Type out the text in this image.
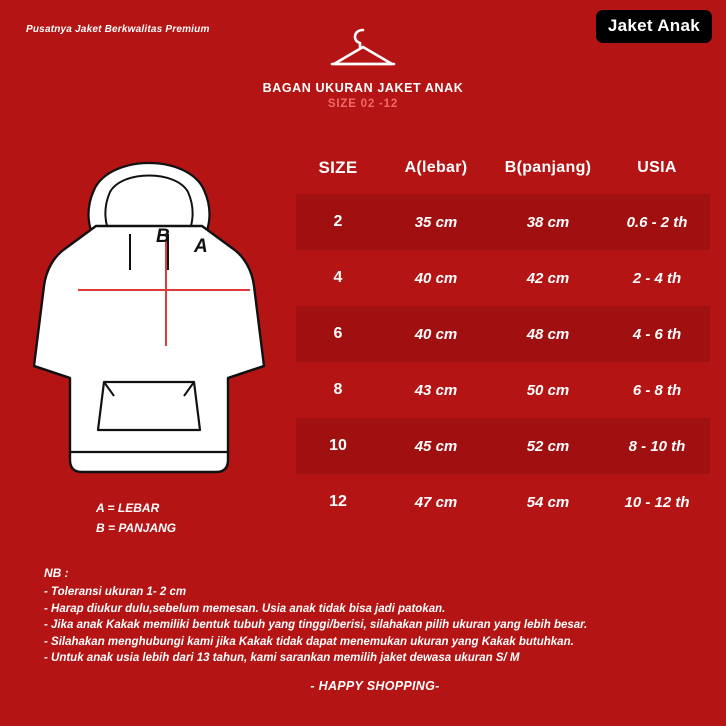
Pusatnya Jaket Berkwalitas Premium	Jaket Anak
BAGAN UKURAN JAKET ANAK
SIZE 02 -12
B A
A = LEBAR
B = PANJANG
SIZE	A(lebar)	B(panjang)	USIA
2	35 cm	38 cm	0.6 - 2 th
4	40 cm	42 cm	2 - 4 th
6	40 cm	48 cm	4 - 6 th
8	43 cm	50 cm	6 - 8 th
10	45 cm	52 cm	8 - 10 th
12	47 cm	54 cm	10 - 12 th
NB :
- Toleransi ukuran 1- 2 cm
- Harap diukur dulu,sebelum memesan. Usia anak tidak bisa jadi patokan.
- Jika anak Kakak memiliki bentuk tubuh yang tinggi/berisi, silahakan pilih ukuran yang lebih besar.
- Silahakan menghubungi kami jika Kakak tidak dapat menemukan ukuran yang Kakak butuhkan.
- Untuk anak usia lebih dari 13 tahun, kami sarankan memilih jaket dewasa ukuran S/ M
- HAPPY SHOPPING-
